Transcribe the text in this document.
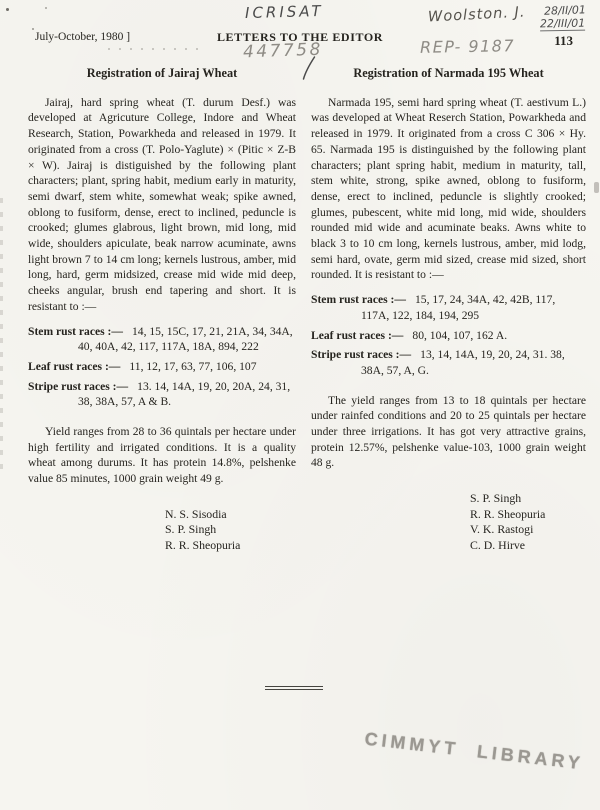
July-October, 1980 ]	LETTERS TO THE EDITOR	113
ICRISAT
447758
Woolston. J. 28/II/01
22/III/01
REP- 9187
Registration of Jairaj Wheat

Jairaj, hard spring wheat (T. durum Desf.) was developed at Agricuture College, Indore and Wheat Research, Station, Powarkheda and released in 1979. It originated from a cross (T. Polo-Yaglute) × (Pitic × Z-B × W). Jairaj is distiguished by the following plant characters; plant, spring habit, medium early in maturity, semi dwarf, stem white, somewhat weak; spike awned, oblong to fusiform, dense, erect to inclined, peduncle is crooked; glumes glabrous, light brown, mid long, mid wide, shoulders apiculate, beak narrow acuminate, awns light brown 7 to 14 cm long; kernels lustrous, amber, mid long, hard, germ midsized, crease mid wide mid deep, cheeks angular, brush end tapering and short. It is resistant to :—

Stem rust races :— 14, 15, 15C, 17, 21, 21A, 34, 34A, 40, 40A, 42, 117, 117A, 18A, 894, 222
Leaf rust races :— 11, 12, 17, 63, 77, 106, 107
Stripe rust races :— 13. 14, 14A, 19, 20, 20A, 24, 31, 38, 38A, 57, A & B.

Yield ranges from 28 to 36 quintals per hectare under high fertility and irrigated conditions. It is a quality wheat among durums. It has protein 14.8%, pelshenke value 85 minutes, 1000 grain weight 49 g.

N. S. Sisodia
S. P. Singh
R. R. Sheopuria
Registration of Narmada 195 Wheat

Narmada 195, semi hard spring wheat (T. aestivum L.) was developed at Wheat Reserch Station, Powarkheda and released in 1979. It originated from a cross C 306 × Hy. 65. Narmada 195 is distinguished by the following plant characters; plant spring habit, medium in maturity, tall, stem white, strong, spike awned, oblong to fusiform, dense, erect to inclined, peduncle is slightly crooked; glumes, pubescent, white mid long, mid wide, shoulders rounded mid wide and acuminate beaks. Awns white to black 3 to 10 cm long, kernels lustrous, amber, mid lodg, semi hard, ovate, germ mid sized, crease mid sized, short rounded. It is resistant to :—

Stem rust races :— 15, 17, 24, 34A, 42, 42B, 117, 117A, 122, 184, 194, 295
Leaf rust races :— 80, 104, 107, 162 A.
Stripe rust races :— 13, 14, 14A, 19, 20, 24, 31. 38, 38A, 57, A, G.

The yield ranges from 13 to 18 quintals per hectare under rainfed conditions and 20 to 25 quintals per hectare under three irrigations. It has got very attractive grains, protein 12.57%, pelshenke value-103, 1000 grain weight 48 g.

S. P. Singh
R. R. Sheopuria
V. K. Rastogi
C. D. Hirve
CIMMYT LIBRARY
